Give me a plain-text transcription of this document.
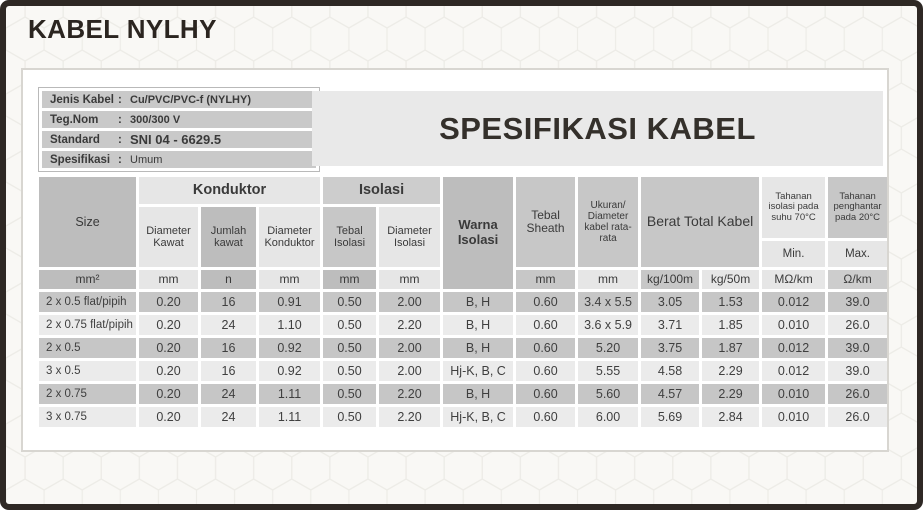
KABEL NYLHY
Jenis Kabel : Cu/PVC/PVC-f (NYLHY)
Teg.Nom	: 300/300 V
Standard	: SNI 04 - 6629.5
Spesifikasi : Umum
SPESIFIKASI KABEL
Size	Konduktor			Isolasi		Warna Isolasi	Tebal Sheath	Ukuran/ Diameter kabel rata-rata	Berat Total Kabel		Tahanan isolasi pada suhu 70°C	Tahanan penghantar pada 20°C
	Diameter Kawat	Jumlah kawat	Diameter Konduktor	Tebal Isolasi	Diameter Isolasi							
											Min.	Max.
mm²	mm	n	mm	mm	mm		mm	mm	kg/100m	kg/50m	MΩ/km	Ω/km
2 x 0.5 flat/pipih	0.20	16	0.91	0.50	2.00	B, H	0.60	3.4 x 5.5	3.05	1.53	0.012	39.0
2 x 0.75 flat/pipih	0.20	24	1.10	0.50	2.20	B, H	0.60	3.6 x 5.9	3.71	1.85	0.010	26.0
2 x 0.5	0.20	16	0.92	0.50	2.00	B, H	0.60	5.20	3.75	1.87	0.012	39.0
3 x 0.5	0.20	16	0.92	0.50	2.00	Hj-K, B, C	0.60	5.55	4.58	2.29	0.012	39.0
2 x 0.75	0.20	24	1.11	0.50	2.20	B, H	0.60	5.60	4.57	2.29	0.010	26.0
3 x 0.75	0.20	24	1.11	0.50	2.20	Hj-K, B, C	0.60	6.00	5.69	2.84	0.010	26.0
